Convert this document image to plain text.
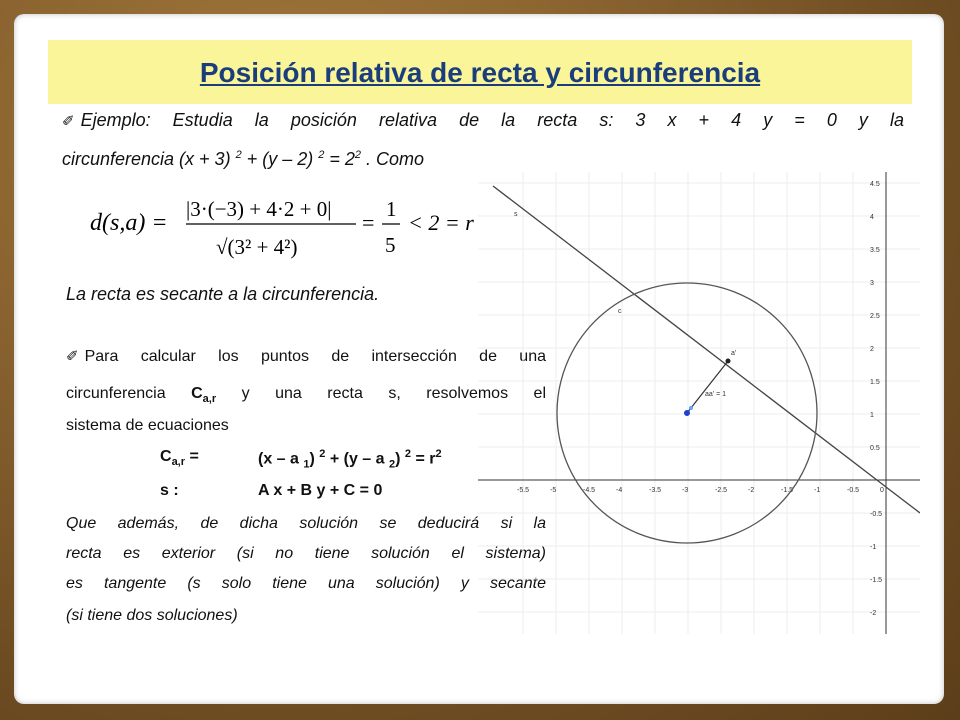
Posición relativa de recta y circunferencia
✐ Ejemplo: Estudia la posición relativa de la recta s: 3 x + 4 y = 0 y la
circunferencia (x + 3) $^2$ + (y – 2) $^2 = 2^2$ . Como
d(s,a) =
|3·(−3) + 4·2 + 0|
√(3² + 4²)
=
1
5
< 2 = r
La recta es secante a la circunferencia.
✐ Para calcular los puntos de intersección de una
circunferencia $C_{a,r}$ y una recta s, resolvemos el
sistema de ecuaciones
$C_{a,r}$ =	(x – a $_1$) $^2$ + (y – a $_2$) $^2 = r^2$
s :	A x + B y + C = 0
Que además, de dicha solución se deducirá si la
recta es exterior (si no tiene solución el sistema)
es tangente (s solo tiene una solución) y secante
(si tiene dos soluciones)
-5.5	-5	-4.5	-4	-3.5	-3	-2.5	-2	-1.5	-1	-0.5	0
4.5
4
3.5
3
2.5
2
1.5
1
0.5
-0.5
-1
-1.5
-2
s
c
a'
aa' = 1
